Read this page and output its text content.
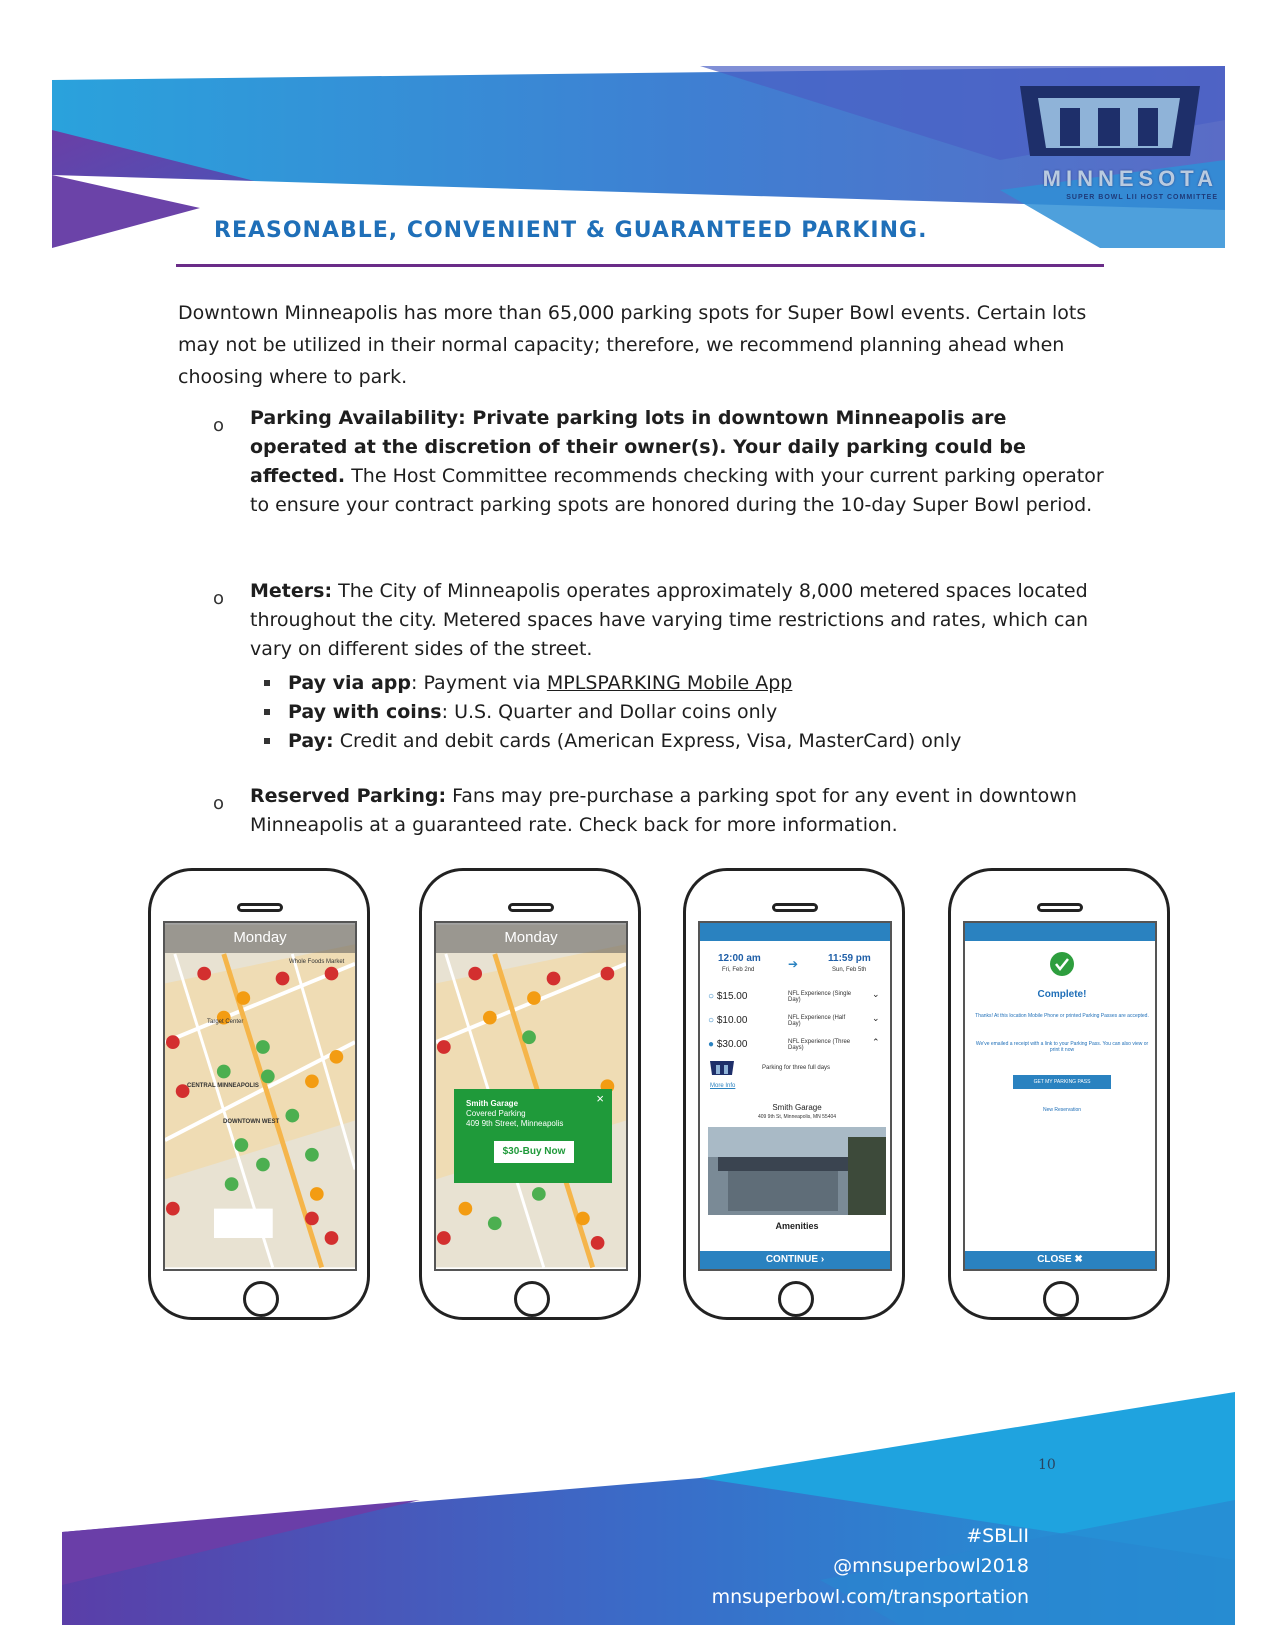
MINNESOTA
SUPER BOWL LII HOST COMMITTEE
REASONABLE, CONVENIENT & GUARANTEED PARKING.
Downtown Minneapolis has more than 65,000 parking spots for Super Bowl events. Certain lots may not be utilized in their normal capacity; therefore, we recommend planning ahead when choosing where to park.
o Parking Availability: Private parking lots in downtown Minneapolis are operated at the discretion of their owner(s). Your daily parking could be affected. The Host Committee recommends checking with your current parking operator to ensure your contract parking spots are honored during the 10-day Super Bowl period.
o Meters: The City of Minneapolis operates approximately 8,000 metered spaces located throughout the city. Metered spaces have varying time restrictions and rates, which can vary on different sides of the street.
Pay via app: Payment via MPLSPARKING Mobile App
Pay with coins: U.S. Quarter and Dollar coins only
Pay: Credit and debit cards (American Express, Visa, MasterCard) only
o Reserved Parking: Fans may pre-purchase a parking spot for any event in downtown Minneapolis at a guaranteed rate. Check back for more information.
Monday
Target Center
CENTRAL MINNEAPOLIS
DOWNTOWN WEST
Whole Foods Market
Monday
×
Smith Garage
Covered Parking
409 9th Street, Minneapolis
$30-Buy Now
12:00 am
Fri, Feb 2nd	➔	11:59 pm
Sun, Feb 5th
○ $15.00	NFL Experience (Single Day)
⌄
○ $10.00	NFL Experience (Half Day)
⌄
● $30.00	NFL Experience (Three Days)
⌃
Parking for three full days
More Info
Smith Garage
409 9th St, Minneapolis, MN 55404
Amenities
CONTINUE ›
Complete!
Thanks! At this location Mobile Phone or printed Parking Passes are accepted.
We've emailed a receipt with a link to your Parking Pass. You can also view or print it now
GET MY PARKING PASS
New Reservation
CLOSE ✖
#SBLII
10
@mnsuperbowl2018
mnsuperbowl.com/transportation
